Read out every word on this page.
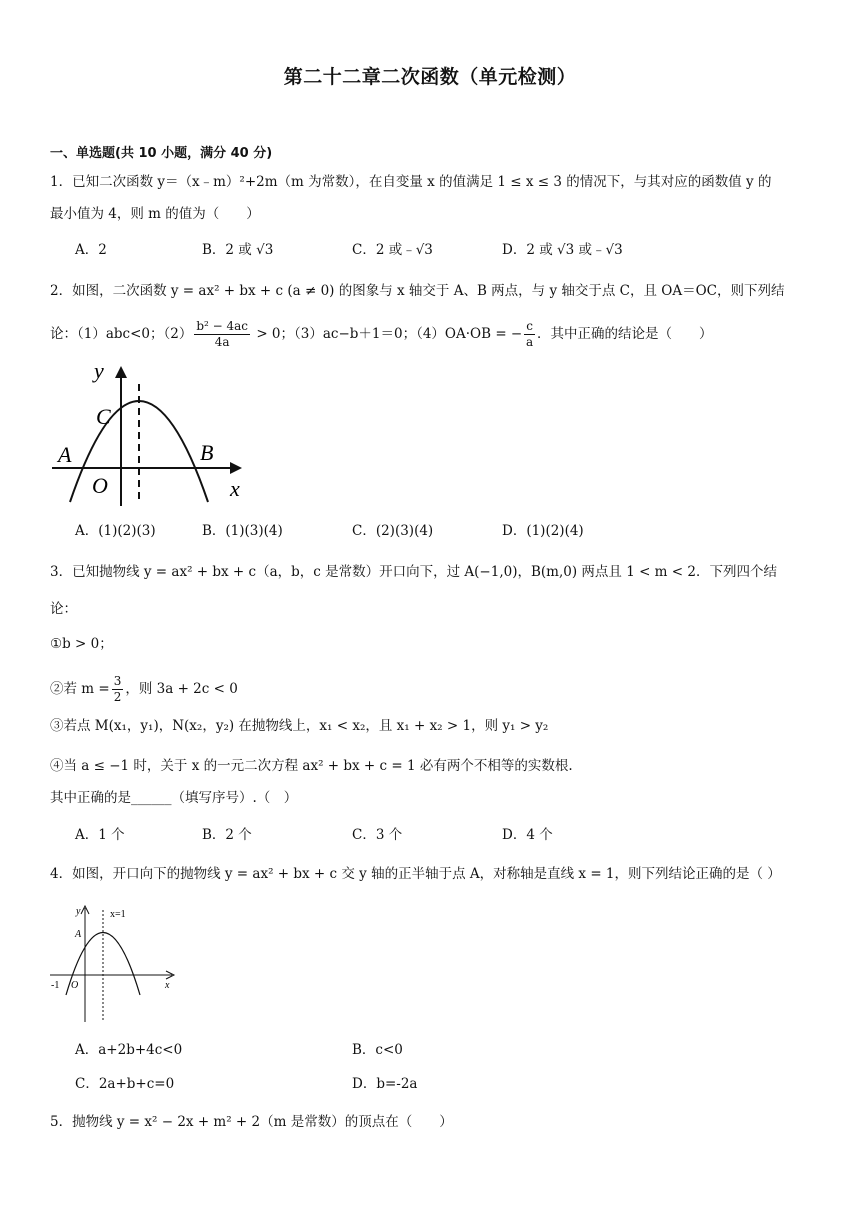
第二十二章二次函数（单元检测）
一、单选题(共 10 小题，满分 40 分)
1．已知二次函数 y＝（x﹣m）²+2m（m 为常数），在自变量 x 的值满足 1 ≤ x ≤ 3 的情况下，与其对应的函数值 y 的
最小值为 4，则 m 的值为（　　）
A．2	B．2 或 √3	C．2 或﹣√3	D．2 或 √3 或﹣√3
2．如图，二次函数 y = ax² + bx + c (a ≠ 0) 的图象与 x 轴交于 A、B 两点，与 y 轴交于点 C，且 OA＝OC，则下列结
论：（1）abc<0；$(2) \frac{\text{b² − 4ac}}{4a} > 0$；（3）ac−b＋1＝0；（4）OA·OB = − $\frac{c}{a}$ ．其中正确的结论是（　　）
y
x
A	B
C
O
A．(1)(2)(3)	B．(1)(3)(4)	C．(2)(3)(4)	D．(1)(2)(4)
3．已知抛物线 y = ax² + bx + c（a，b，c 是常数）开口向下，过 A(−1,0)，B(m,0) 两点且 1 < m < 2．下列四个结
论：
①b > 0；
②若 $m = \frac{3}{2}$ ，则 3a + 2c < 0
③若点 M(x₁，y₁)，N(x₂，y₂) 在抛物线上，x₁ < x₂，且 x₁ + x₂ > 1，则 y₁ > y₂
④当 a ≤ −1 时，关于 x 的一元二次方程 ax² + bx + c = 1 必有两个不相等的实数根.
其中正确的是______（填写序号）.（　）
A．1 个	B．2 个	C．3 个	D．4 个
4．如图，开口向下的抛物线 y = ax² + bx + c 交 y 轴的正半轴于点 A，对称轴是直线 x = 1，则下列结论正确的是（ ）
y
x
A
O
-1
x=1
A．a+2b+4c<0	B．c<0
C．2a+b+c=0	D．b=-2a
5．抛物线 y = x² − 2x + m² + 2（m 是常数）的顶点在（　　）
